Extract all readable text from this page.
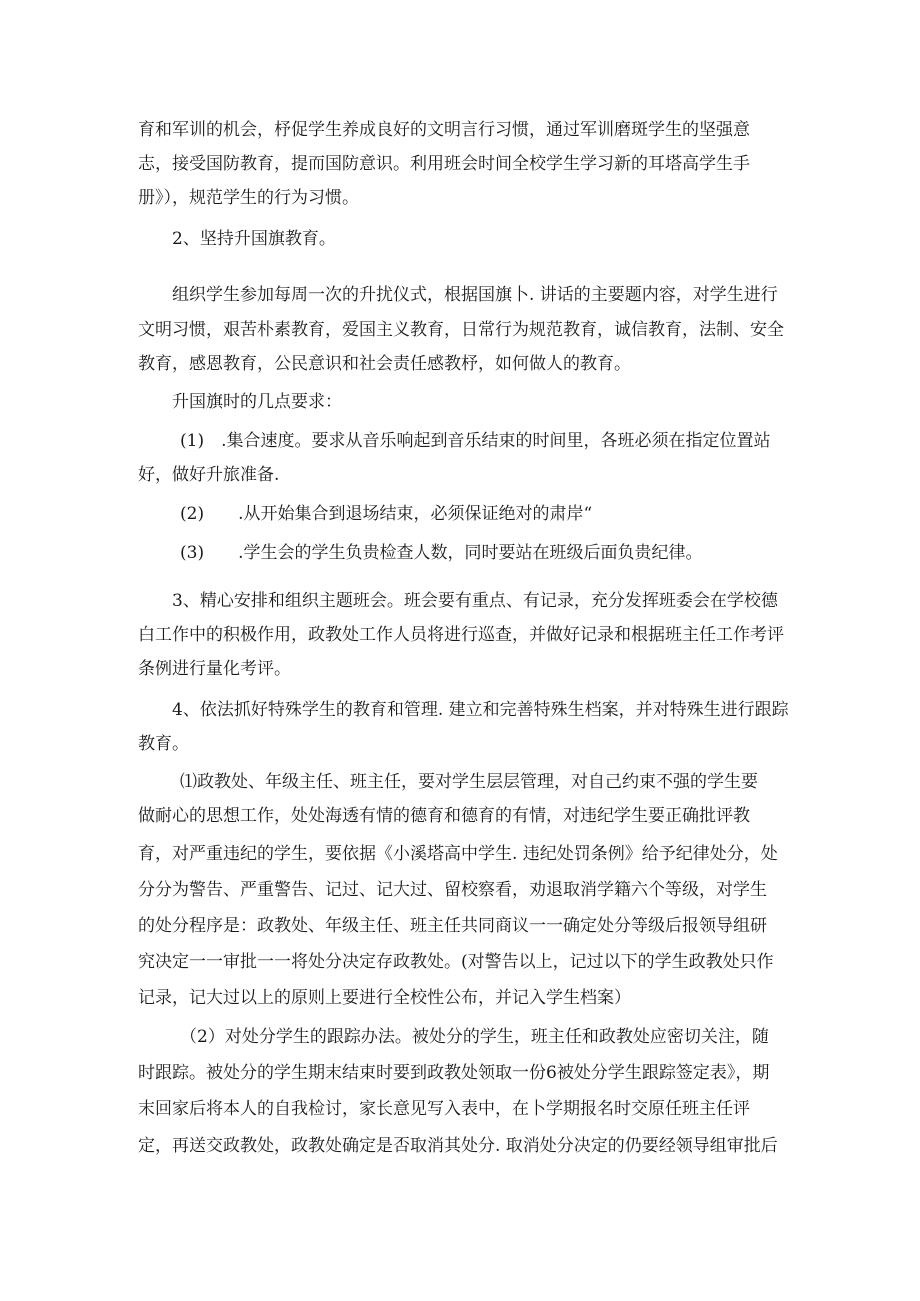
育和军训的机会，杼促学生养成良好的文明言行习惯，通过军训磨斑学生的坚强意
志，接受国防教育，提而国防意识。利用班会时间全校学生学习新的耳塔高学生手
册》），规范学生的行为习惯。
2、坚持升国旗教育。
组织学生参加每周一次的升扰仪式，根据国旗卜. 讲话的主要题内容，对学生进行
文明习惯，艰苦朴素教育，爱国主义教育，日常行为规范教育，诚信教育，法制、安全
教育，感恩教育，公民意识和社会责任感教杼，如何做人的教育。
升国旗时的几点要求：
(1)　.集合速度。要求从音乐响起到音乐结束的时间里，各班必须在指定位置站
好，做好升旅准备.
(2)　　.从开始集合到退场结束，必须保证绝对的肃岸“
(3)　　.学生会的学生负贵检查人数，同时要站在班级后面负贵纪律。
3、精心安排和组织主题班会。班会要有重点、有记录，充分发挥班委会在学校德
白工作中的积极作用，政教处工作人员将进行巡查，并做好记录和根据班主任工作考评
条例进行量化考评。
4、依法抓好特殊学生的教育和管理. 建立和完善特殊生档案，并对特殊生进行跟踪
教育。
⑴政教处、年级主任、班主任，要对学生层层管理，对自己约束不强的学生要
做耐心的思想工作，处处海透有情的德育和德育的有情，对违纪学生要正确批评教
育，对严重违纪的学生，要依据《小溪塔高中学生. 违纪处罚条例》给予纪律处分，处
分分为警告、严重警告、记过、记大过、留校察看，劝退取消学籍六个等级，对学生
的处分程序是：政教处、年级主任、班主任共同商议一一确定处分等级后报领导组研
究决定一一审批一一将处分决定存政教处。(对警告以上，记过以下的学生政教处只作
记录，记大过以上的原则上要进行全校性公布，并记入学生档案）
（2）对处分学生的跟踪办法。被处分的学生，班主任和政教处应密切关注，随
时跟踪。被处分的学生期末结束时要到政教处领取一份6被处分学生跟踪签定表》，期
末回家后将本人的自我检讨，家长意见写入表中，在卜学期报名时交原任班主任评
定，再送交政教处，政教处确定是否取消其处分. 取消处分决定的仍要经领导组审批后
